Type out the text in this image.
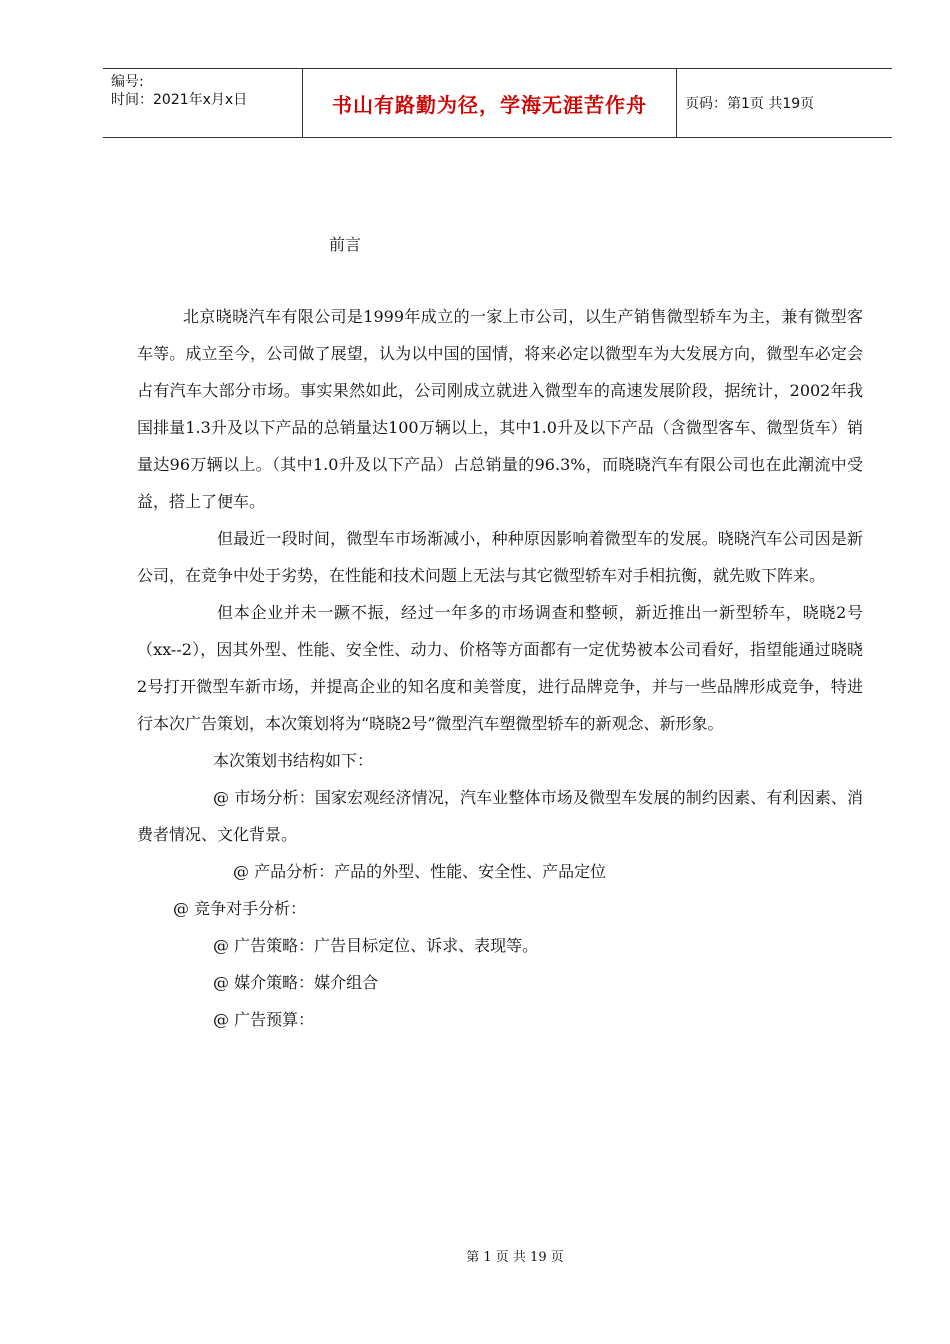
编号:
时间：2021年x月x日	书山有路勤为径，学海无涯苦作舟	页码：第1页 共19页
前言

北京晓晓汽车有限公司是1999年成立的一家上市公司，以生产销售微型轿车为主，兼有微型客车等。成立至今，公司做了展望，认为以中国的国情，将来必定以微型车为大发展方向，微型车必定会占有汽车大部分市场。事实果然如此，公司刚成立就进入微型车的高速发展阶段，据统计，2002年我国排量1.3升及以下产品的总销量达100万辆以上，其中1.0升及以下产品（含微型客车、微型货车）销量达96万辆以上。（其中1.0升及以下产品）占总销量的96.3%，而晓晓汽车有限公司也在此潮流中受益，搭上了便车。

但最近一段时间，微型车市场渐减小，种种原因影响着微型车的发展。晓晓汽车公司因是新公司，在竞争中处于劣势，在性能和技术问题上无法与其它微型轿车对手相抗衡，就先败下阵来。

但本企业并未一蹶不振，经过一年多的市场调查和整顿，新近推出一新型轿车，晓晓2号（xx--2），因其外型、性能、安全性、动力、价格等方面都有一定优势被本公司看好，指望能通过晓晓2号打开微型车新市场，并提高企业的知名度和美誉度，进行品牌竞争，并与一些品牌形成竞争，特进行本次广告策划，本次策划将为“晓晓2号”微型汽车塑微型轿车的新观念、新形象。

本次策划书结构如下：

@ 市场分析：国家宏观经济情况，汽车业整体市场及微型车发展的制约因素、有利因素、消费者情况、文化背景。

@ 产品分析：产品的外型、性能、安全性、产品定位

@ 竞争对手分析：

@ 广告策略：广告目标定位、诉求、表现等。

@ 媒介策略：媒介组合

@ 广告预算：

第 1 页 共 19 页
